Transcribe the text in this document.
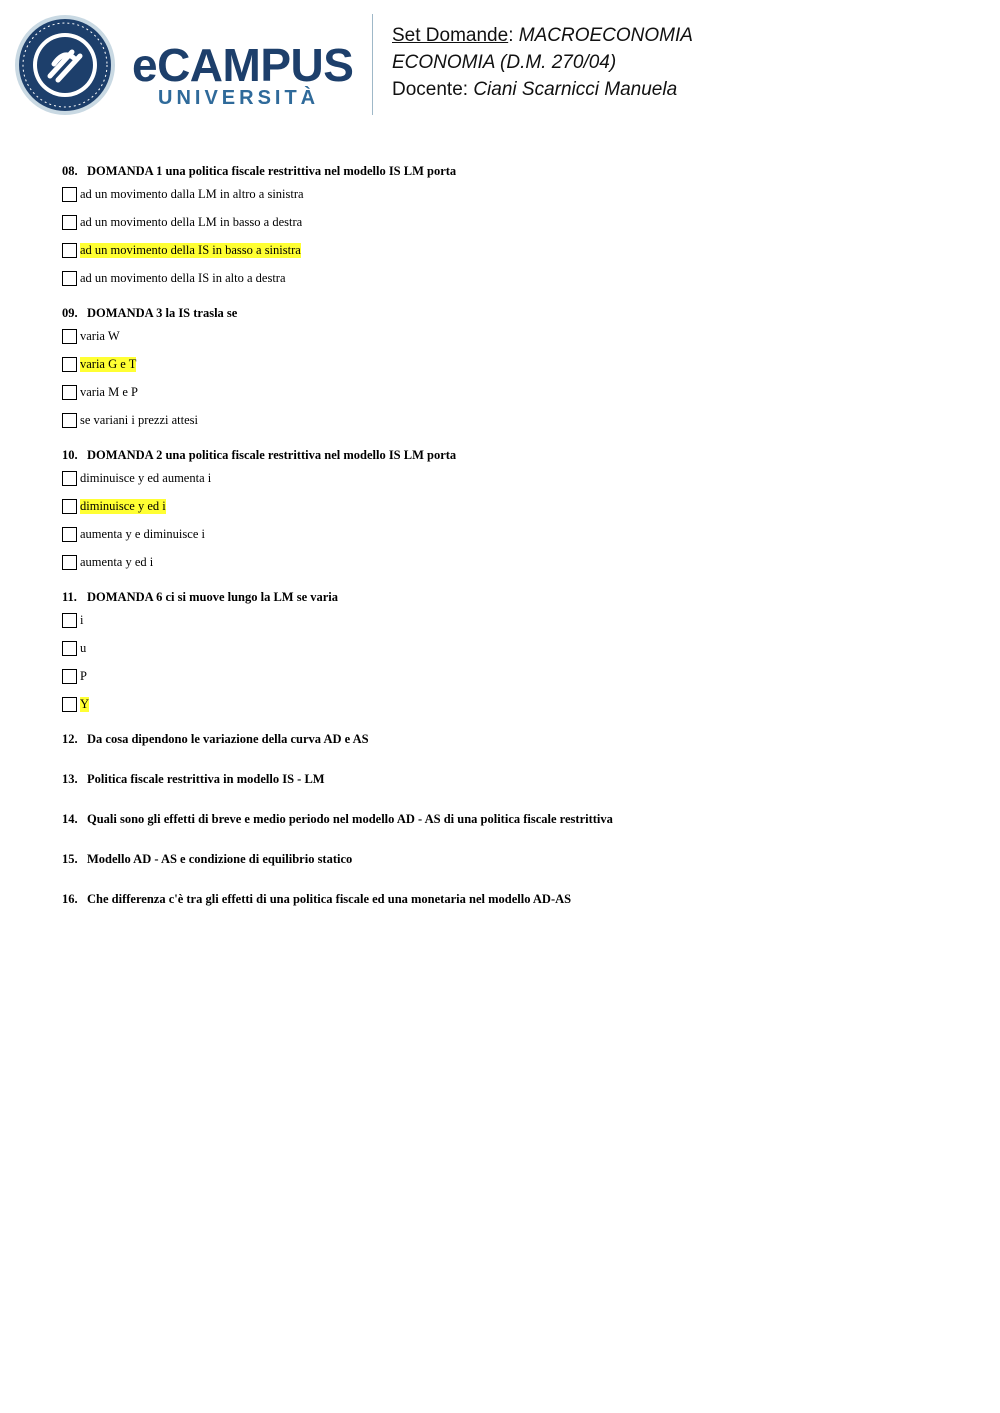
eCAMPUS
UNIVERSITÀ
Set Domande: MACROECONOMIA
ECONOMIA (D.M. 270/04)
Docente: Ciani Scarnicci Manuela
08. DOMANDA 1 una politica fiscale restrittiva nel modello IS LM porta
ad un movimento dalla LM in altro a sinistra
ad un movimento della LM in basso a destra
ad un movimento della IS in basso a sinistra
ad un movimento della IS in alto a destra
09. DOMANDA 3 la IS trasla se
varia W
varia G e T
varia M e P
se variani i prezzi attesi
10. DOMANDA 2 una politica fiscale restrittiva nel modello IS LM porta
diminuisce y ed aumenta i
diminuisce y ed i
aumenta y e diminuisce i
aumenta y ed i
11. DOMANDA 6 ci si muove lungo la LM se varia
i
u
P
Y
12. Da cosa dipendono le variazione della curva AD e AS
13. Politica fiscale restrittiva in modello IS - LM
14. Quali sono gli effetti di breve e medio periodo nel modello AD - AS di una politica fiscale restrittiva
15. Modello AD - AS e condizione di equilibrio statico
16. Che differenza c'è tra gli effetti di una politica fiscale ed una monetaria nel modello AD-AS
